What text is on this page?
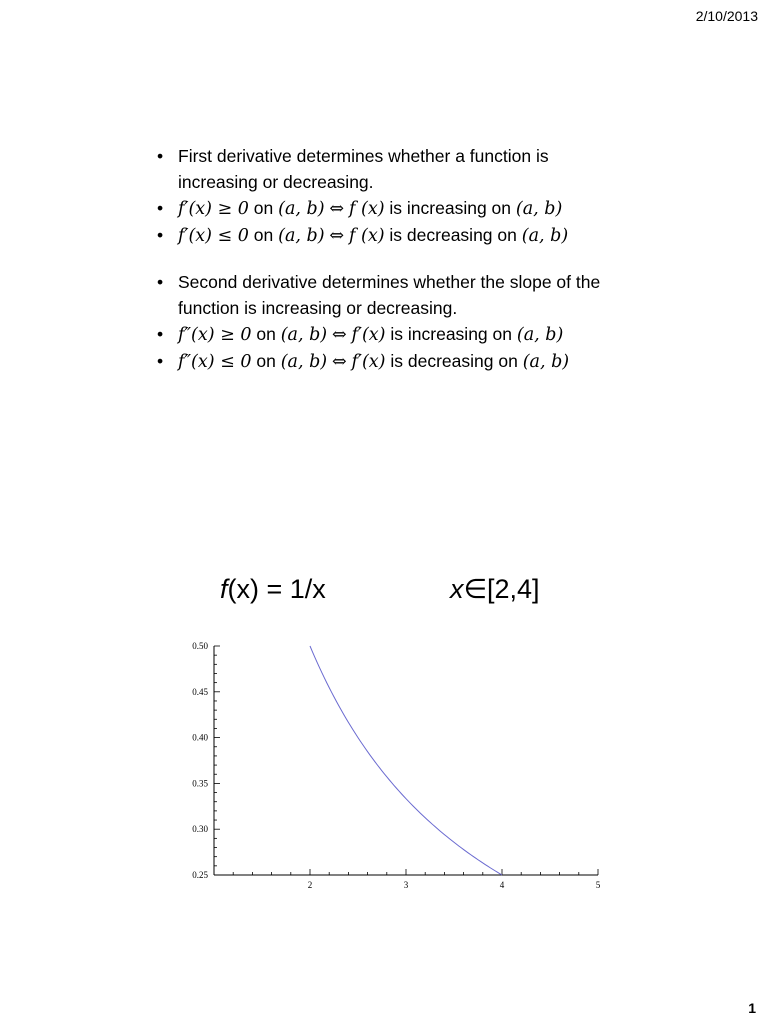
2/10/2013
• First derivative determines whether a function is increasing or decreasing.
• f′(x) ≥ 0 on (a, b) ⇔ f (x) is increasing on (a, b)
• f′(x) ≤ 0 on (a, b) ⇔ f (x) is decreasing on (a, b)
• Second derivative determines whether the slope of the function is increasing or decreasing.
• f″(x) ≥ 0 on (a, b) ⇔ f′(x) is increasing on (a, b)
• f″(x) ≤ 0 on (a, b) ⇔ f′(x) is decreasing on (a, b)
f(x) = 1/x	x∈[2,4]
2	3	4	5
0.50
0.45
0.40
0.35
0.30
0.25
1
